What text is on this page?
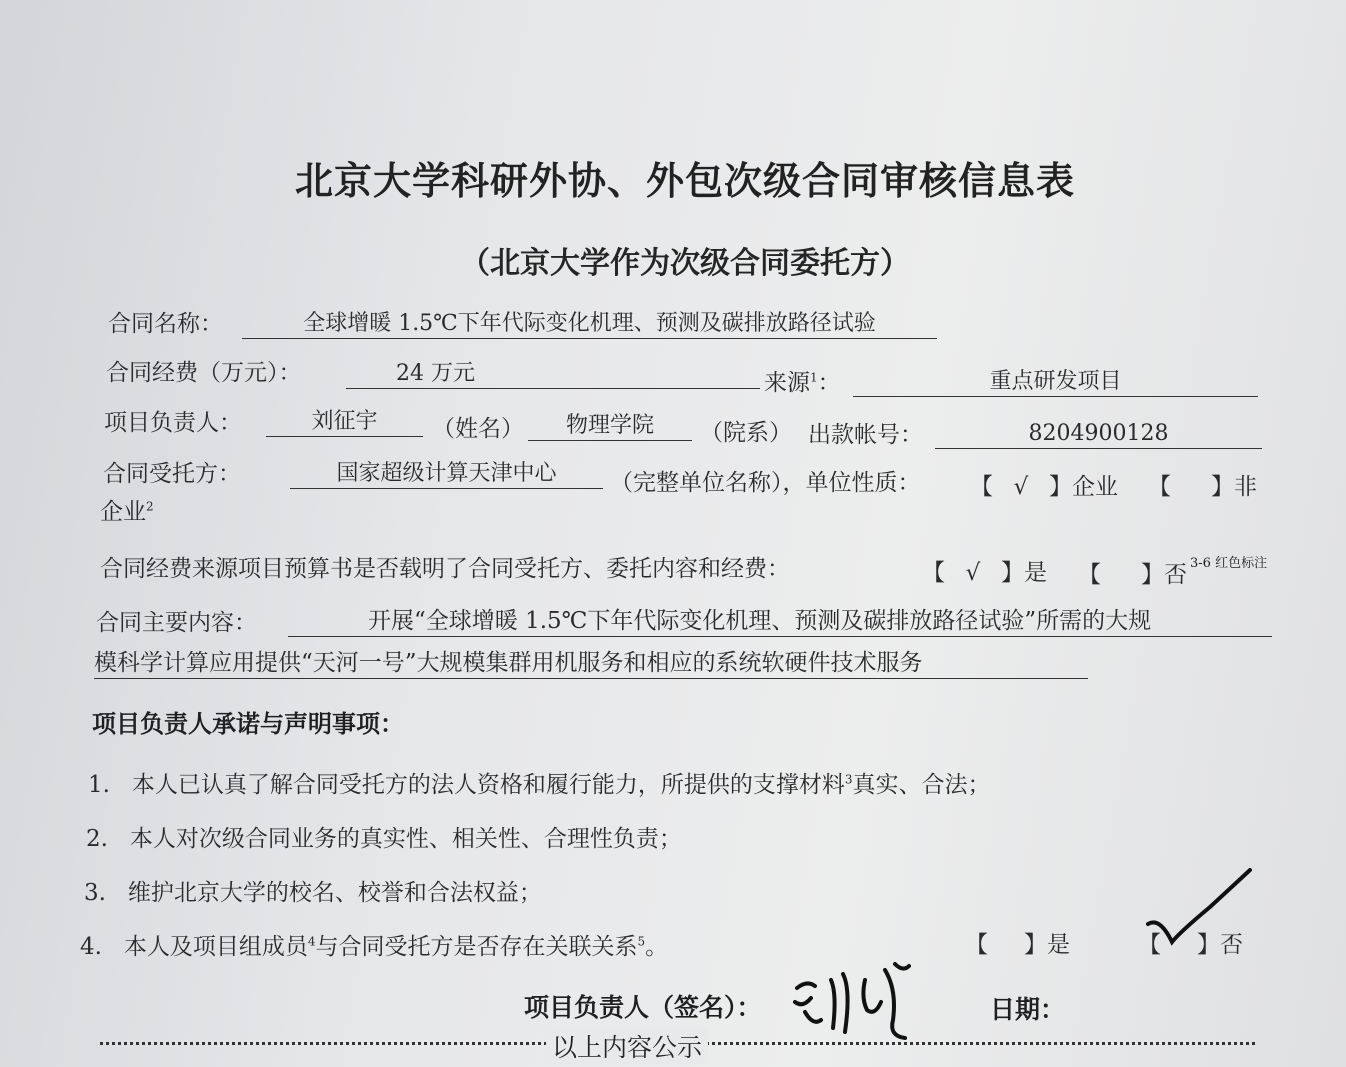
北京大学科研外协、外包次级合同审核信息表
（北京大学作为次级合同委托方）
合同名称：	全球增暖 1.5℃下年代际变化机理、预测及碳排放路径试验
合同经费（万元）：	24 万元	来源$^1$：	重点研发项目
项目负责人：	刘征宇	（姓名）	物理学院	（院系） 出款帐号：	8204900128
合同受托方：	国家超级计算天津中心	（完整单位名称），单位性质： 【 √ 】企业 【 】非
企业$^2$
合同经费来源项目预算书是否载明了合同受托方、委托内容和经费：	【 √ 】是 【 】否 3-6 红色标注
合同主要内容：	开展“全球增暖 1.5℃下年代际变化机理、预测及碳排放路径试验”所需的大规
模科学计算应用提供“天河一号”大规模集群用机服务和相应的系统软硬件技术服务
项目负责人承诺与声明事项：
1. 本人已认真了解合同受托方的法人资格和履行能力，所提供的支撑材料$^3$真实、合法；
2. 本人对次级合同业务的真实性、相关性、合理性负责；
3. 维护北京大学的校名、校誉和合法权益；
4. 本人及项目组成员$^4$与合同受托方是否存在关联关系$^5$。	【 】是	【 】否
项目负责人（签名）：	日期：
以上内容公示
